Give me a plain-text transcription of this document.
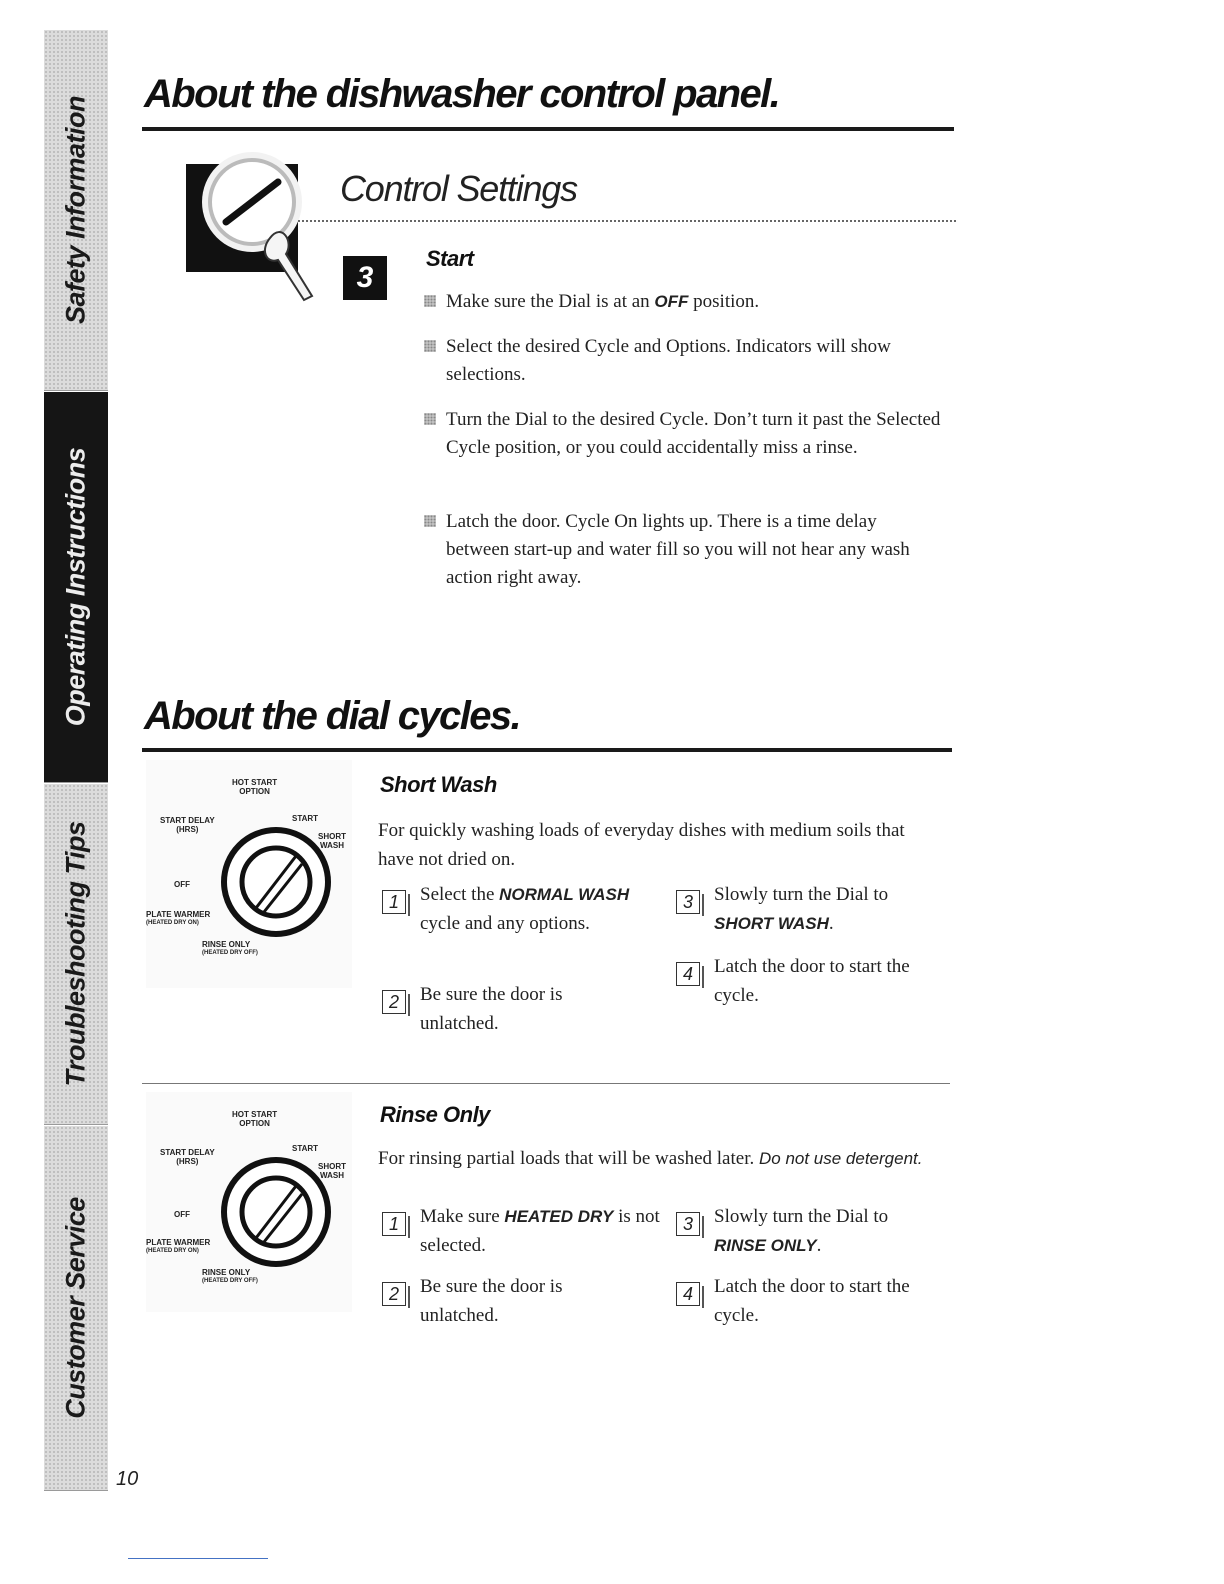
Safety Information
Operating Instructions
Troubleshooting Tips
Customer Service
About the dishwasher control panel.
Control Settings
3
Start
Make sure the Dial is at an OFF position.
Select the desired Cycle and Options. Indicators will show selections.
Turn the Dial to the desired Cycle. Don’t turn it past the Selected Cycle position, or you could accidentally miss a rinse.
Latch the door. Cycle On lights up. There is a time delay between start-up and water fill so you will not hear any wash action right away.
About the dial cycles.
HOT START
OPTION
START DELAY
(HRS)
START
SHORT
WASH
OFF
PLATE WARMER
(HEATED DRY ON)
RINSE ONLY
(HEATED DRY OFF)
Short Wash
For quickly washing loads of everyday dishes with medium soils that have not dried on.
1	Select the NORMAL WASH cycle and any options.
2	Be sure the door is unlatched.
3	Slowly turn the Dial to SHORT WASH.
4	Latch the door to start the cycle.
HOT START
OPTION
START DELAY
(HRS)
START
SHORT
WASH
OFF
PLATE WARMER
(HEATED DRY ON)
RINSE ONLY
(HEATED DRY OFF)
Rinse Only
For rinsing partial loads that will be washed later. Do not use detergent.
1	Make sure HEATED DRY is not selected.
2	Be sure the door is unlatched.
3	Slowly turn the Dial to RINSE ONLY.
4	Latch the door to start the cycle.
10
